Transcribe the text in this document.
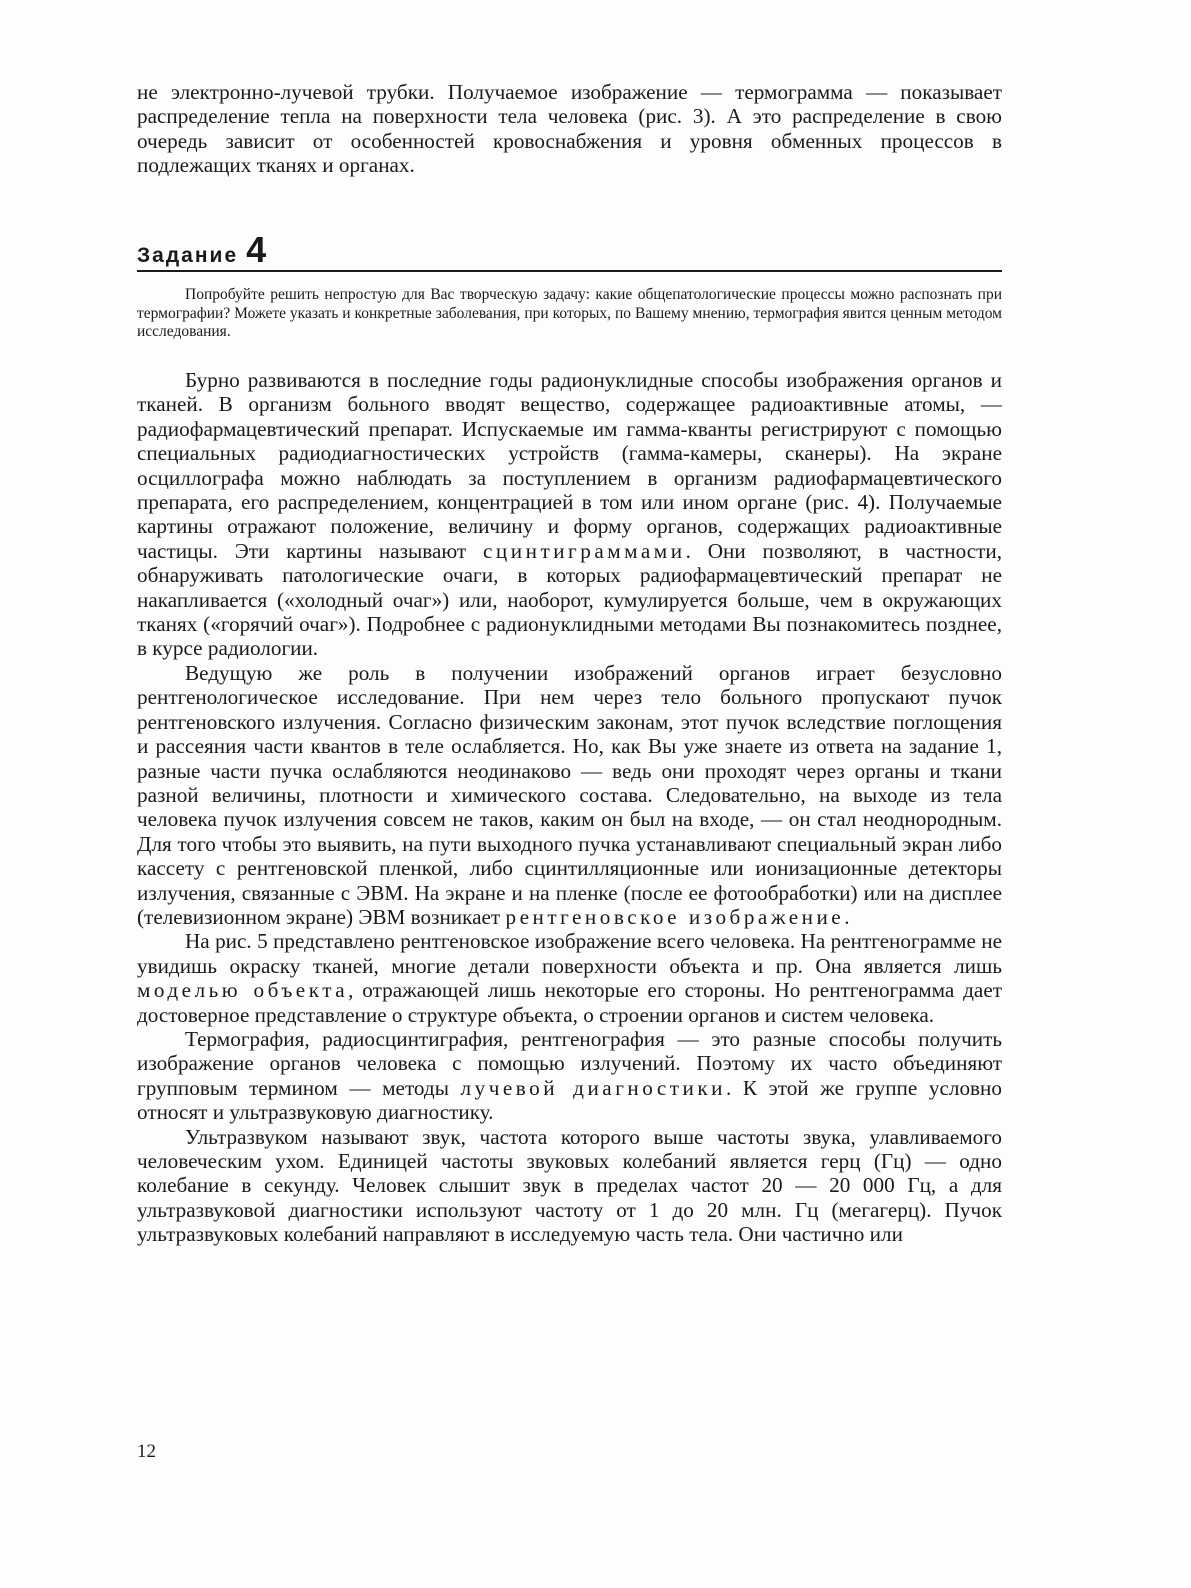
не электронно-лучевой трубки. Получаемое изображение — термограмма — показывает распределение тепла на поверхности тела человека (рис. 3). А это распределение в свою очередь зависит от особенностей кровоснабжения и уровня обменных процессов в подлежащих тканях и органах.

Задание 4

Попробуйте решить непростую для Вас творческую задачу: какие общепатологические процессы можно распознать при термографии? Можете указать и конкретные заболевания, при которых, по Вашему мнению, термография явится ценным методом исследования.

Бурно развиваются в последние годы радионуклидные способы изображения органов и тканей. В организм больного вводят вещество, содержащее радиоактивные атомы, — радиофармацевтический препарат. Испускаемые им гамма-кванты регистрируют с помощью специальных радиодиагностических устройств (гамма-камеры, сканеры). На экране осциллографа можно наблюдать за поступлением в организм радиофармацевтического препарата, его распределением, концентрацией в том или ином органе (рис. 4). Получаемые картины отражают положение, величину и форму органов, содержащих радиоактивные частицы. Эти картины называют сцинтиграммами. Они позволяют, в частности, обнаруживать патологические очаги, в которых радиофармацевтический препарат не накапливается («холодный очаг») или, наоборот, кумулируется больше, чем в окружающих тканях («горячий очаг»). Подробнее с радионуклидными методами Вы познакомитесь позднее, в курсе радиологии.

Ведущую же роль в получении изображений органов играет безусловно рентгенологическое исследование. При нем через тело больного пропускают пучок рентгеновского излучения. Согласно физическим законам, этот пучок вследствие поглощения и рассеяния части квантов в теле ослабляется. Но, как Вы уже знаете из ответа на задание 1, разные части пучка ослабляются неодинаково — ведь они проходят через органы и ткани разной величины, плотности и химического состава. Следовательно, на выходе из тела человека пучок излучения совсем не таков, каким он был на входе, — он стал неоднородным. Для того чтобы это выявить, на пути выходного пучка устанавливают специальный экран либо кассету с рентгеновской пленкой, либо сцинтилляционные или ионизационные детекторы излучения, связанные с ЭВМ. На экране и на пленке (после ее фотообработки) или на дисплее (телевизионном экране) ЭВМ возникает рентгеновское изображение.

На рис. 5 представлено рентгеновское изображение всего человека. На рентгенограмме не увидишь окраску тканей, многие детали поверхности объекта и пр. Она является лишь моделью объекта, отражающей лишь некоторые его стороны. Но рентгенограмма дает достоверное представление о структуре объекта, о строении органов и систем человека.

Термография, радиосцинтиграфия, рентгенография — это разные способы получить изображение органов человека с помощью излучений. Поэтому их часто объединяют групповым термином — методы лучевой диагностики. К этой же группе условно относят и ультразвуковую диагностику.

Ультразвуком называют звук, частота которого выше частоты звука, улавливаемого человеческим ухом. Единицей частоты звуковых колебаний является герц (Гц) — одно колебание в секунду. Человек слышит звук в пределах частот 20 — 20 000 Гц, а для ультразвуковой диагностики используют частоту от 1 до 20 млн. Гц (мегагерц). Пучок ультразвуковых колебаний направляют в исследуемую часть тела. Они частично или

12
